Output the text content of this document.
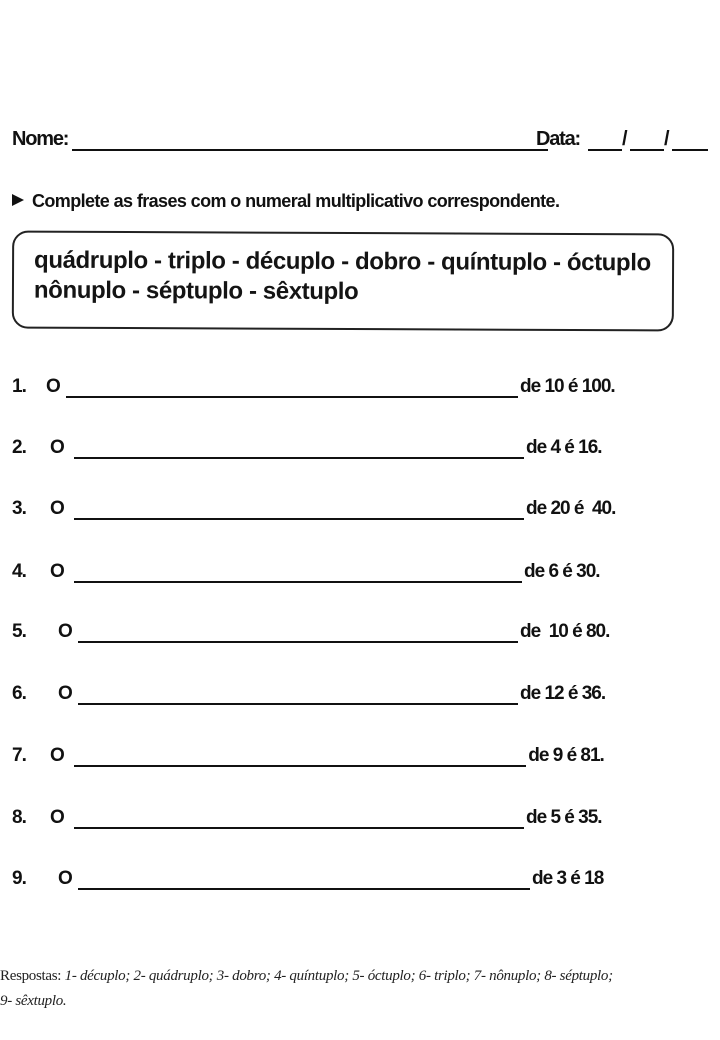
Nome:	Data: / /
Complete as frases com o numeral multiplicativo correspondente.
quádruplo - triplo - décuplo - dobro - quíntuplo - óctuplo
nônuplo - séptuplo - sêxtuplo
1. O	de 10 é 100.
2. O	de 4 é 16.
3. O	de 20 é  40.
4. O	de 6 é 30.
5. O	de  10 é 80.
6. O	de 12 é 36.
7. O	de 9 é 81.
8. O	de 5 é 35.
9. O	de 3 é 18
Respostas: 1- décuplo; 2- quádruplo; 3- dobro; 4- quíntuplo; 5- óctuplo; 6- triplo; 7- nônuplo; 8- séptuplo;
9- sêxtuplo.
